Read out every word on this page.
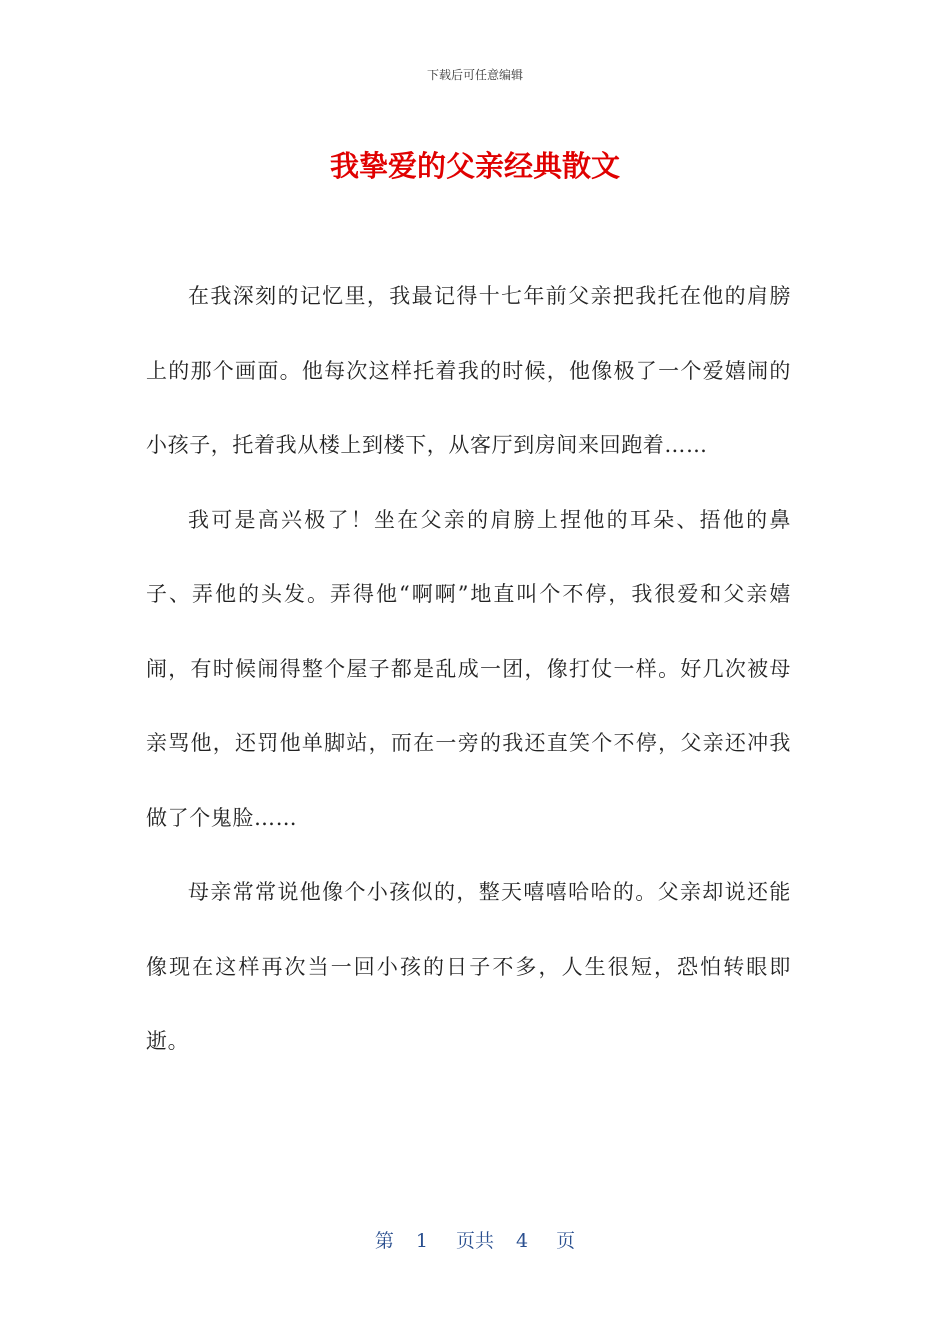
下载后可任意编辑
我挚爱的父亲经典散文

在我深刻的记忆里，我最记得十七年前父亲把我托在他的肩膀上的那个画面。他每次这样托着我的时候，他像极了一个爱嬉闹的小孩子，托着我从楼上到楼下，从客厅到房间来回跑着……

我可是高兴极了！坐在父亲的肩膀上捏他的耳朵、捂他的鼻子、弄他的头发。弄得他“啊啊”地直叫个不停，我很爱和父亲嬉闹，有时候闹得整个屋子都是乱成一团，像打仗一样。好几次被母亲骂他，还罚他单脚站，而在一旁的我还直笑个不停，父亲还冲我做了个鬼脸……

母亲常常说他像个小孩似的，整天嘻嘻哈哈的。父亲却说还能像现在这样再次当一回小孩的日子不多，人生很短，恐怕转眼即逝。

第 1 页共 4 页
